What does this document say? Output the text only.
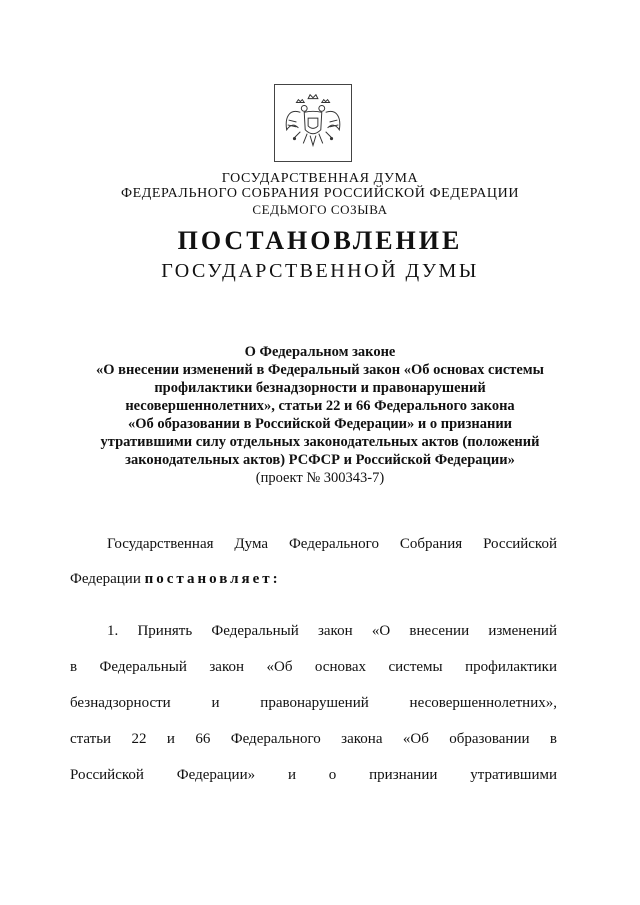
ГОСУДАРСТВЕННАЯ ДУМА
ФЕДЕРАЛЬНОГО СОБРАНИЯ РОССИЙСКОЙ ФЕДЕРАЦИИ
СЕДЬМОГО СОЗЫВА
ПОСТАНОВЛЕНИЕ
ГОСУДАРСТВЕННОЙ ДУМЫ
О Федеральном законе
«О внесении изменений в Федеральный закон «Об основах системы
профилактики безнадзорности и правонарушений
несовершеннолетних», статьи 22 и 66 Федерального закона
«Об образовании в Российской Федерации» и о признании
утратившими силу отдельных законодательных актов (положений
законодательных актов) РСФСР и Российской Федерации»
(проект № 300343-7)
Государственная Дума Федерального Собрания Российской
Федерации постановляет:
1. Принять Федеральный закон «О внесении изменений
в Федеральный закон «Об основах системы профилактики
безнадзорности и правонарушений несовершеннолетних»,
статьи 22 и 66 Федерального закона «Об образовании в
Российской Федерации» и о признании утратившими
